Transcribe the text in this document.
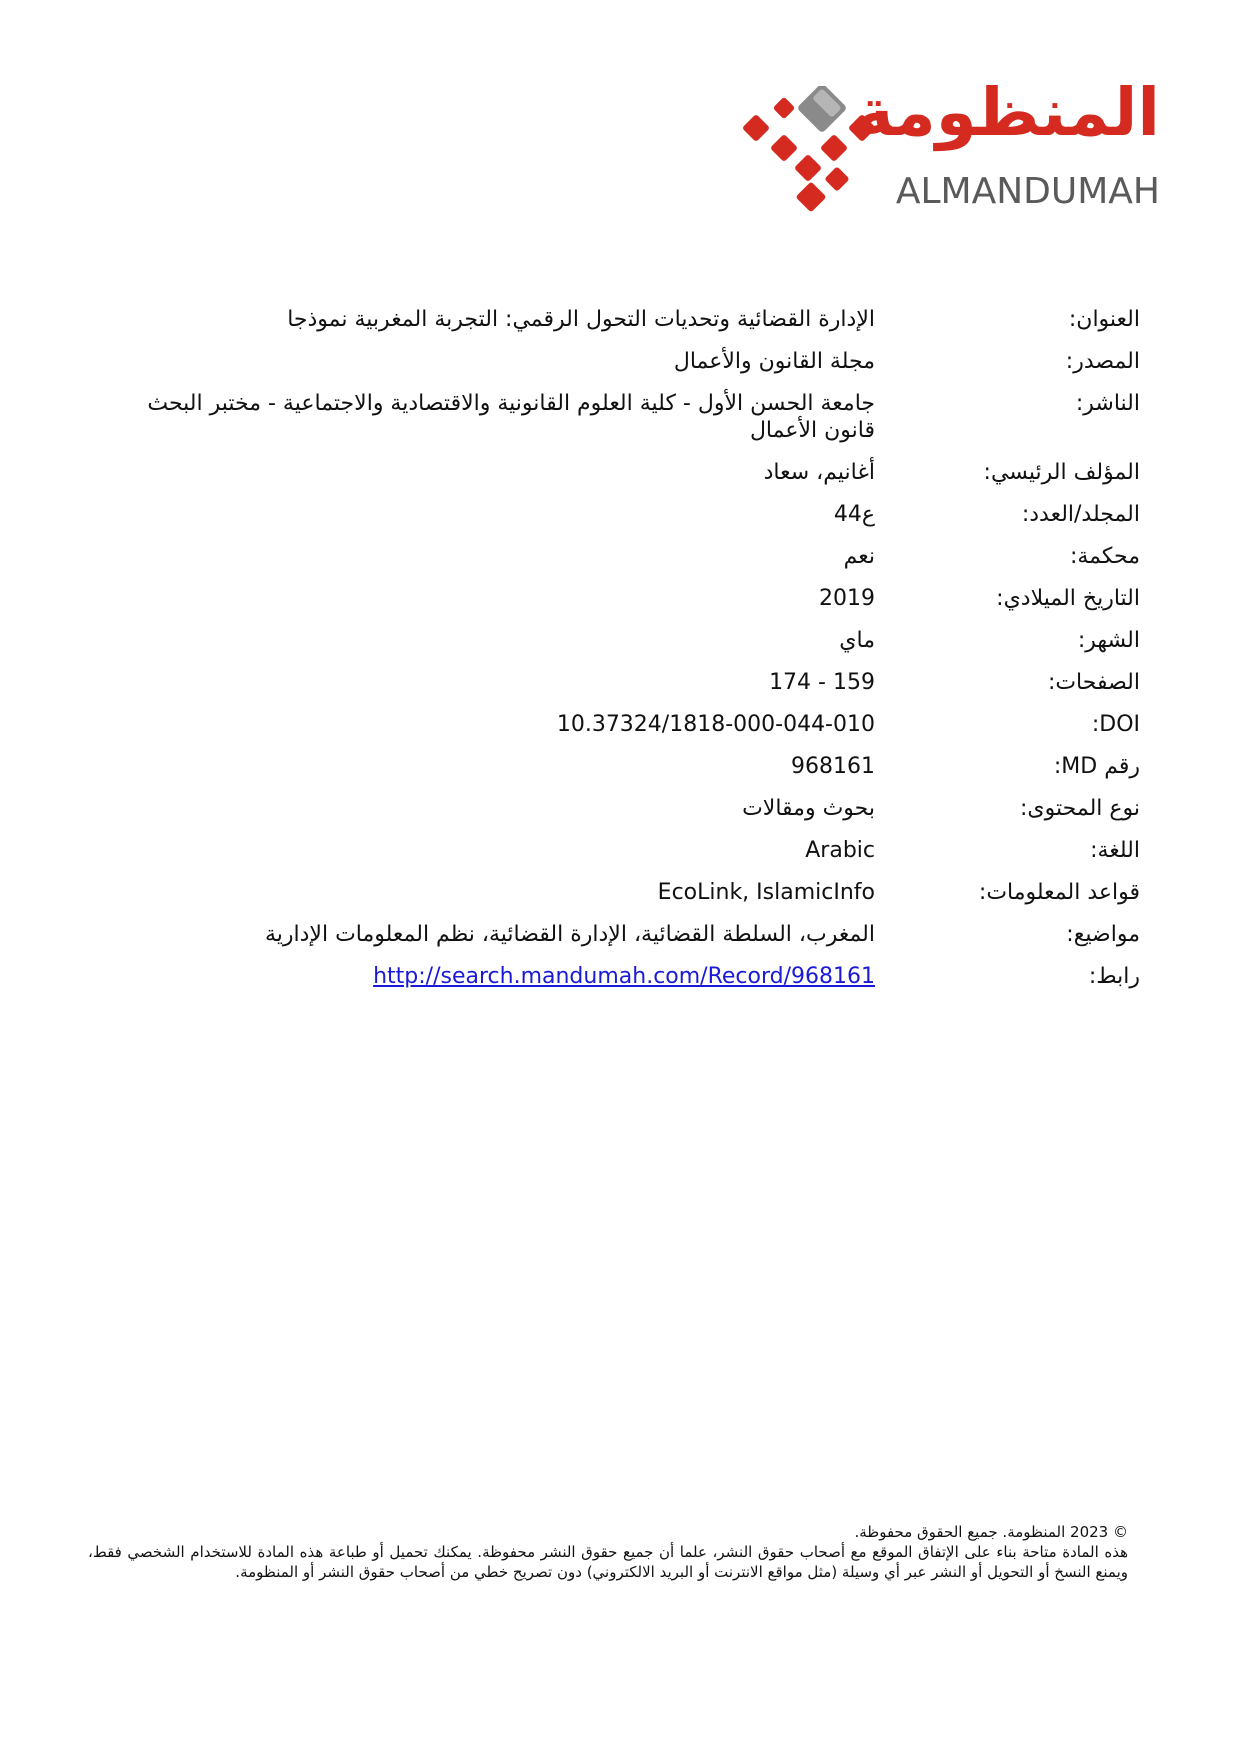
المنظومة
ALMANDUMAH
العنوان:
الإدارة القضائية وتحديات التحول الرقمي: التجربة المغربية نموذجا
المصدر:
مجلة القانون والأعمال
الناشر:
جامعة الحسن الأول - كلية العلوم القانونية والاقتصادية والاجتماعية - مختبر البحث قانون الأعمال
المؤلف الرئيسي:
أغانيم، سعاد
المجلد/العدد:
ع44
محكمة:
نعم
التاريخ الميلادي:
2019
الشهر:
ماي
الصفحات:
159 - 174
DOI:
10.37324/1818-000-044-010
رقم MD:
968161
نوع المحتوى:
بحوث ومقالات
اللغة:
Arabic
قواعد المعلومات:
EcoLink, IslamicInfo
مواضيع:
المغرب، السلطة القضائية، الإدارة القضائية، نظم المعلومات الإدارية
رابط:
http://search.mandumah.com/Record/968161

© 2023 المنظومة. جميع الحقوق محفوظة.

هذه المادة متاحة بناء على الإتفاق الموقع مع أصحاب حقوق النشر، علما أن جميع حقوق النشر محفوظة. يمكنك تحميل أو طباعة هذه المادة للاستخدام الشخصي فقط، ويمنع النسخ أو التحويل أو النشر عبر أي وسيلة (مثل مواقع الانترنت أو البريد الالكتروني) دون تصريح خطي من أصحاب حقوق النشر أو المنظومة.
